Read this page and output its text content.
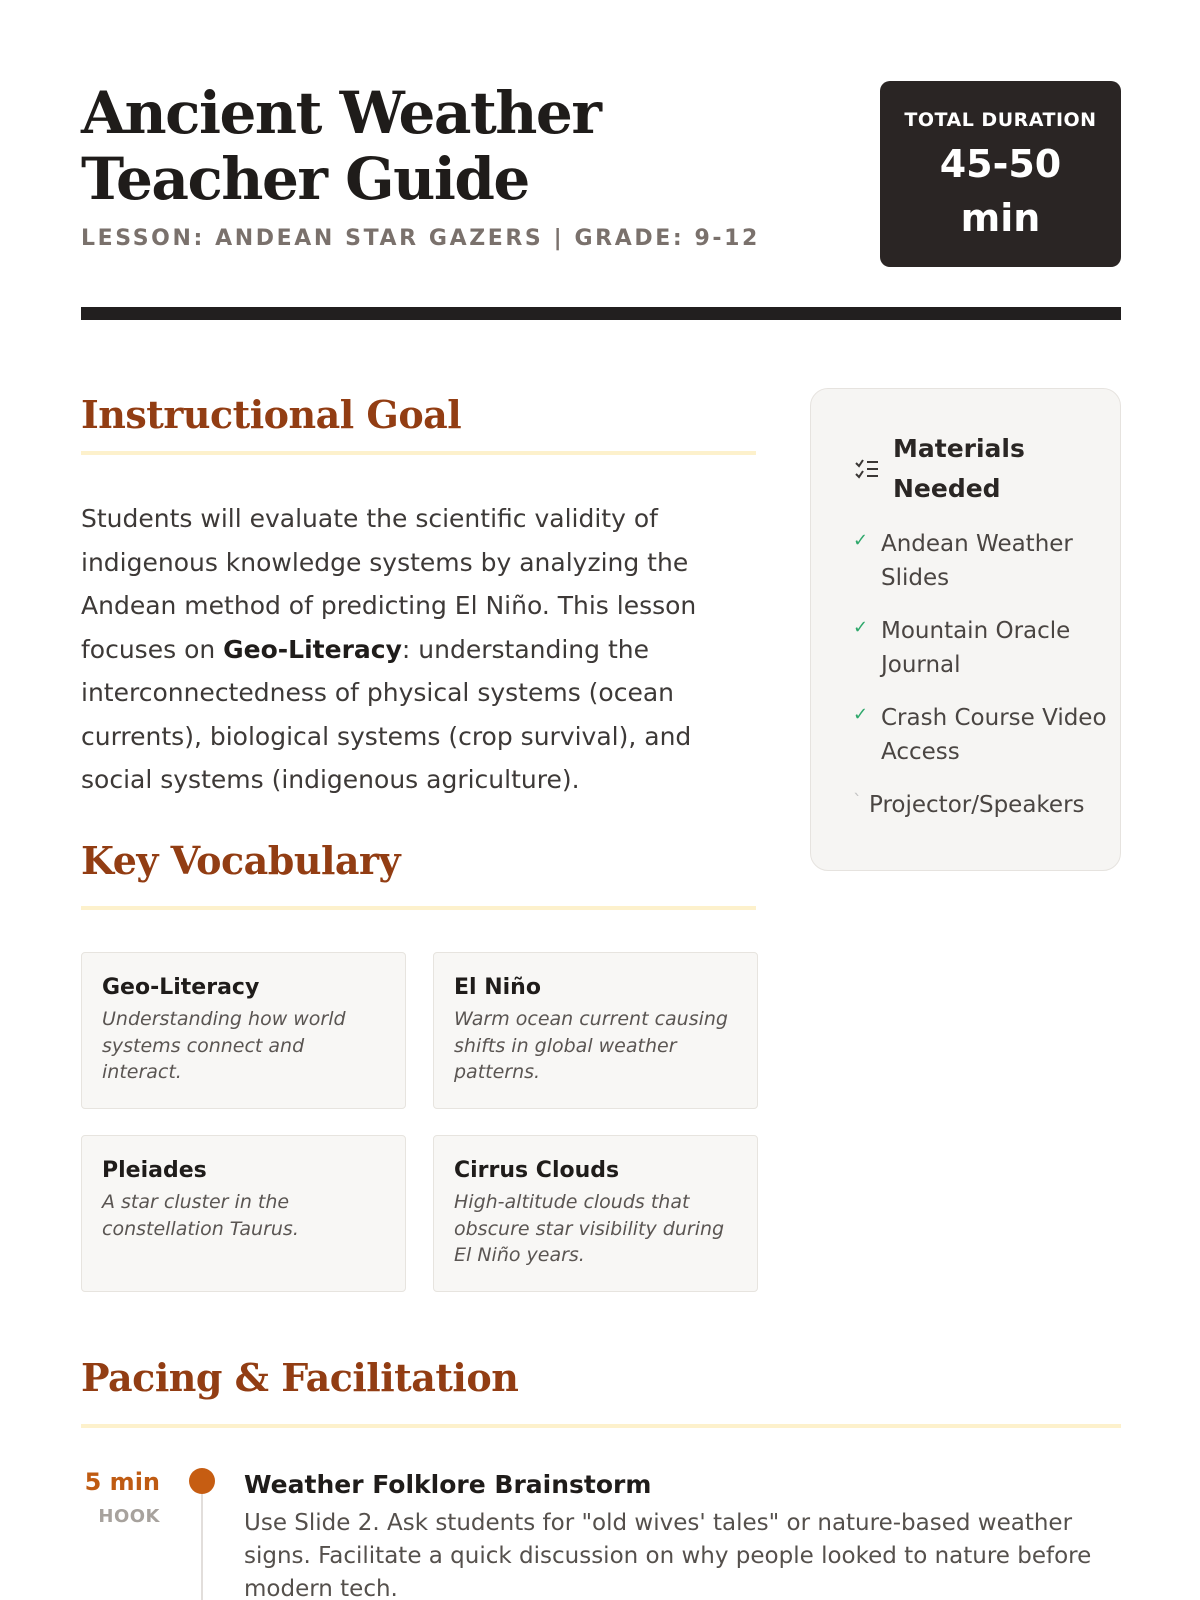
Ancient Weather Teacher Guide
LESSON: ANDEAN STAR GAZERS | GRADE: 9-12
TOTAL DURATION
45-50 min
Instructional Goal

Students will evaluate the scientific validity of indigenous knowledge systems by analyzing the Andean method of predicting El Niño. This lesson focuses on Geo-Literacy: understanding the interconnectedness of physical systems (ocean currents), biological systems (crop survival), and social systems (indigenous agriculture).

Materials Needed
✓ Andean Weather Slides
✓ Mountain Oracle Journal
✓ Crash Course Video Access
ˋ Projector/Speakers
Key Vocabulary
Geo-Literacy
Understanding how world systems connect and interact.
El Niño
Warm ocean current causing shifts in global weather patterns.
Pleiades
A star cluster in the constellation Taurus.
Cirrus Clouds
High-altitude clouds that obscure star visibility during El Niño years.
Pacing & Facilitation
5 min
HOOK
Weather Folklore Brainstorm
Use Slide 2. Ask students for "old wives' tales" or nature-based weather signs. Facilitate a quick discussion on why people looked to nature before modern tech.
